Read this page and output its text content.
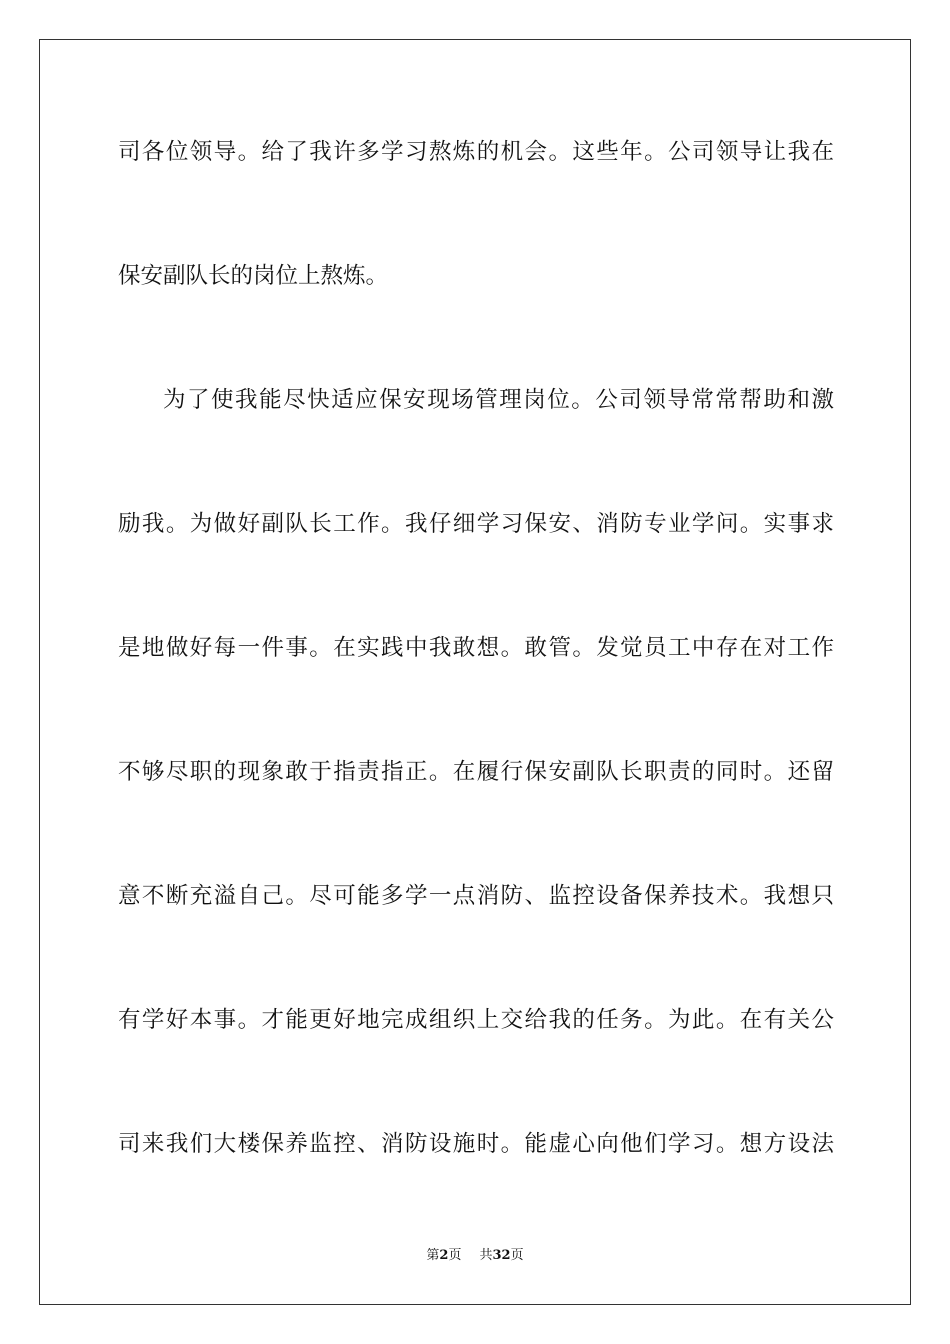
司各位领导。给了我许多学习熬炼的机会。这些年。公司领导让我在
保安副队长的岗位上熬炼。
为了使我能尽快适应保安现场管理岗位。公司领导常常帮助和激
励我。为做好副队长工作。我仔细学习保安、消防专业学问。实事求
是地做好每一件事。在实践中我敢想。敢管。发觉员工中存在对工作
不够尽职的现象敢于指责指正。在履行保安副队长职责的同时。还留
意不断充溢自己。尽可能多学一点消防、监控设备保养技术。我想只
有学好本事。才能更好地完成组织上交给我的任务。为此。在有关公
司来我们大楼保养监控、消防设施时。能虚心向他们学习。想方设法
第2页 共32页
